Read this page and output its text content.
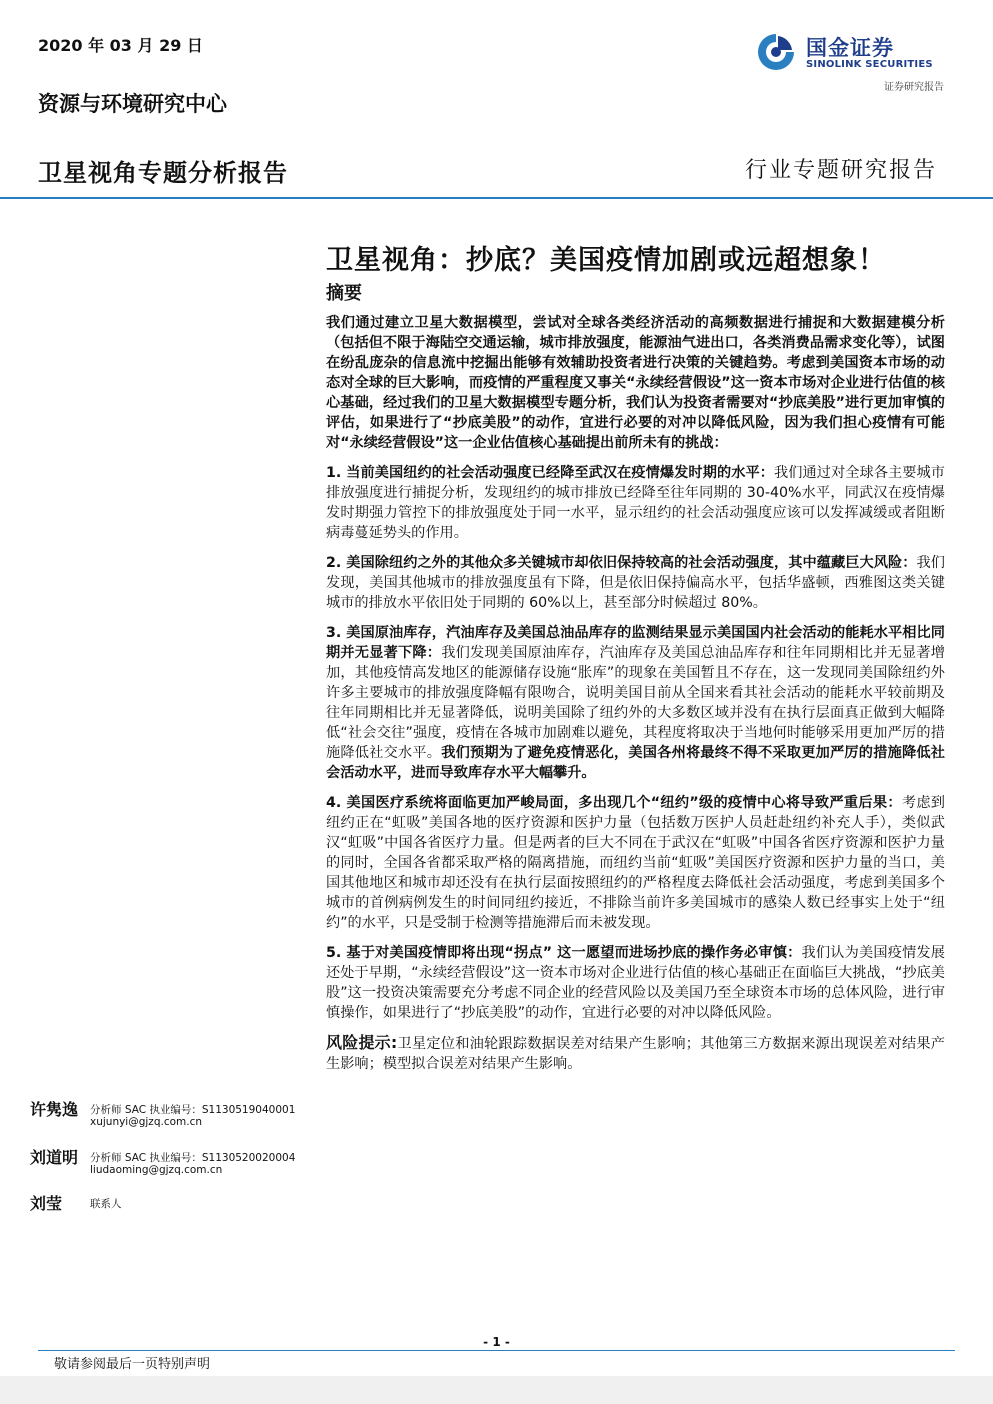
2020 年 03 月 29 日
资源与环境研究中心
卫星视角专题分析报告	行业专题研究报告
国金证券
SINOLINK SECURITIES
证券研究报告
卫星视角：抄底？美国疫情加剧或远超想象！
摘要

我们通过建立卫星大数据模型，尝试对全球各类经济活动的高频数据进行捕捉和大数据建模分析（包括但不限于海陆空交通运输，城市排放强度，能源油气进出口，各类消费品需求变化等），试图在纷乱庞杂的信息流中挖掘出能够有效辅助投资者进行决策的关键趋势。考虑到美国资本市场的动态对全球的巨大影响，而疫情的严重程度又事关“永续经营假设”这一资本市场对企业进行估值的核心基础，经过我们的卫星大数据模型专题分析，我们认为投资者需要对“抄底美股”进行更加审慎的评估，如果进行了“抄底美股”的动作，宜进行必要的对冲以降低风险，因为我们担心疫情有可能对“永续经营假设”这一企业估值核心基础提出前所未有的挑战：

1. 当前美国纽约的社会活动强度已经降至武汉在疫情爆发时期的水平：我们通过对全球各主要城市排放强度进行捕捉分析，发现纽约的城市排放已经降至往年同期的 30-40%水平，同武汉在疫情爆发时期强力管控下的排放强度处于同一水平，显示纽约的社会活动强度应该可以发挥减缓或者阻断病毒蔓延势头的作用。

2. 美国除纽约之外的其他众多关键城市却依旧保持较高的社会活动强度，其中蕴藏巨大风险：我们发现，美国其他城市的排放强度虽有下降，但是依旧保持偏高水平，包括华盛顿，西雅图这类关键城市的排放水平依旧处于同期的 60%以上，甚至部分时候超过 80%。

3. 美国原油库存，汽油库存及美国总油品库存的监测结果显示美国国内社会活动的能耗水平相比同期并无显著下降：我们发现美国原油库存，汽油库存及美国总油品库存和往年同期相比并无显著增加，其他疫情高发地区的能源储存设施“胀库”的现象在美国暂且不存在，这一发现同美国除纽约外许多主要城市的排放强度降幅有限吻合，说明美国目前从全国来看其社会活动的能耗水平较前期及往年同期相比并无显著降低，说明美国除了纽约外的大多数区域并没有在执行层面真正做到大幅降低“社会交往”强度，疫情在各城市加剧难以避免，其程度将取决于当地何时能够采用更加严厉的措施降低社交水平。我们预期为了避免疫情恶化，美国各州将最终不得不采取更加严厉的措施降低社会活动水平，进而导致库存水平大幅攀升。

4. 美国医疗系统将面临更加严峻局面，多出现几个“纽约”级的疫情中心将导致严重后果：考虑到纽约正在“虹吸”美国各地的医疗资源和医护力量（包括数万医护人员赶赴纽约补充人手），类似武汉“虹吸”中国各省医疗力量。但是两者的巨大不同在于武汉在“虹吸”中国各省医疗资源和医护力量的同时，全国各省都采取严格的隔离措施，而纽约当前“虹吸”美国医疗资源和医护力量的当口，美国其他地区和城市却还没有在执行层面按照纽约的严格程度去降低社会活动强度，考虑到美国多个城市的首例病例发生的时间同纽约接近，不排除当前许多美国城市的感染人数已经事实上处于“纽约”的水平，只是受制于检测等措施滞后而未被发现。

5. 基于对美国疫情即将出现“拐点” 这一愿望而进场抄底的操作务必审慎：我们认为美国疫情发展还处于早期，“永续经营假设”这一资本市场对企业进行估值的核心基础正在面临巨大挑战，“抄底美股”这一投资决策需要充分考虑不同企业的经营风险以及美国乃至全球资本市场的总体风险，进行审慎操作，如果进行了“抄底美股”的动作，宜进行必要的对冲以降低风险。

风险提示:卫星定位和油轮跟踪数据误差对结果产生影响；其他第三方数据来源出现误差对结果产生影响；模型拟合误差对结果产生影响。

许隽逸 分析师 SAC 执业编号：S1130519040001
xujunyi@gjzq.com.cn
刘道明 分析师 SAC 执业编号：S1130520020004
liudaoming@gjzq.com.cn
刘莹	联系人
- 1 -
敬请参阅最后一页特别声明
